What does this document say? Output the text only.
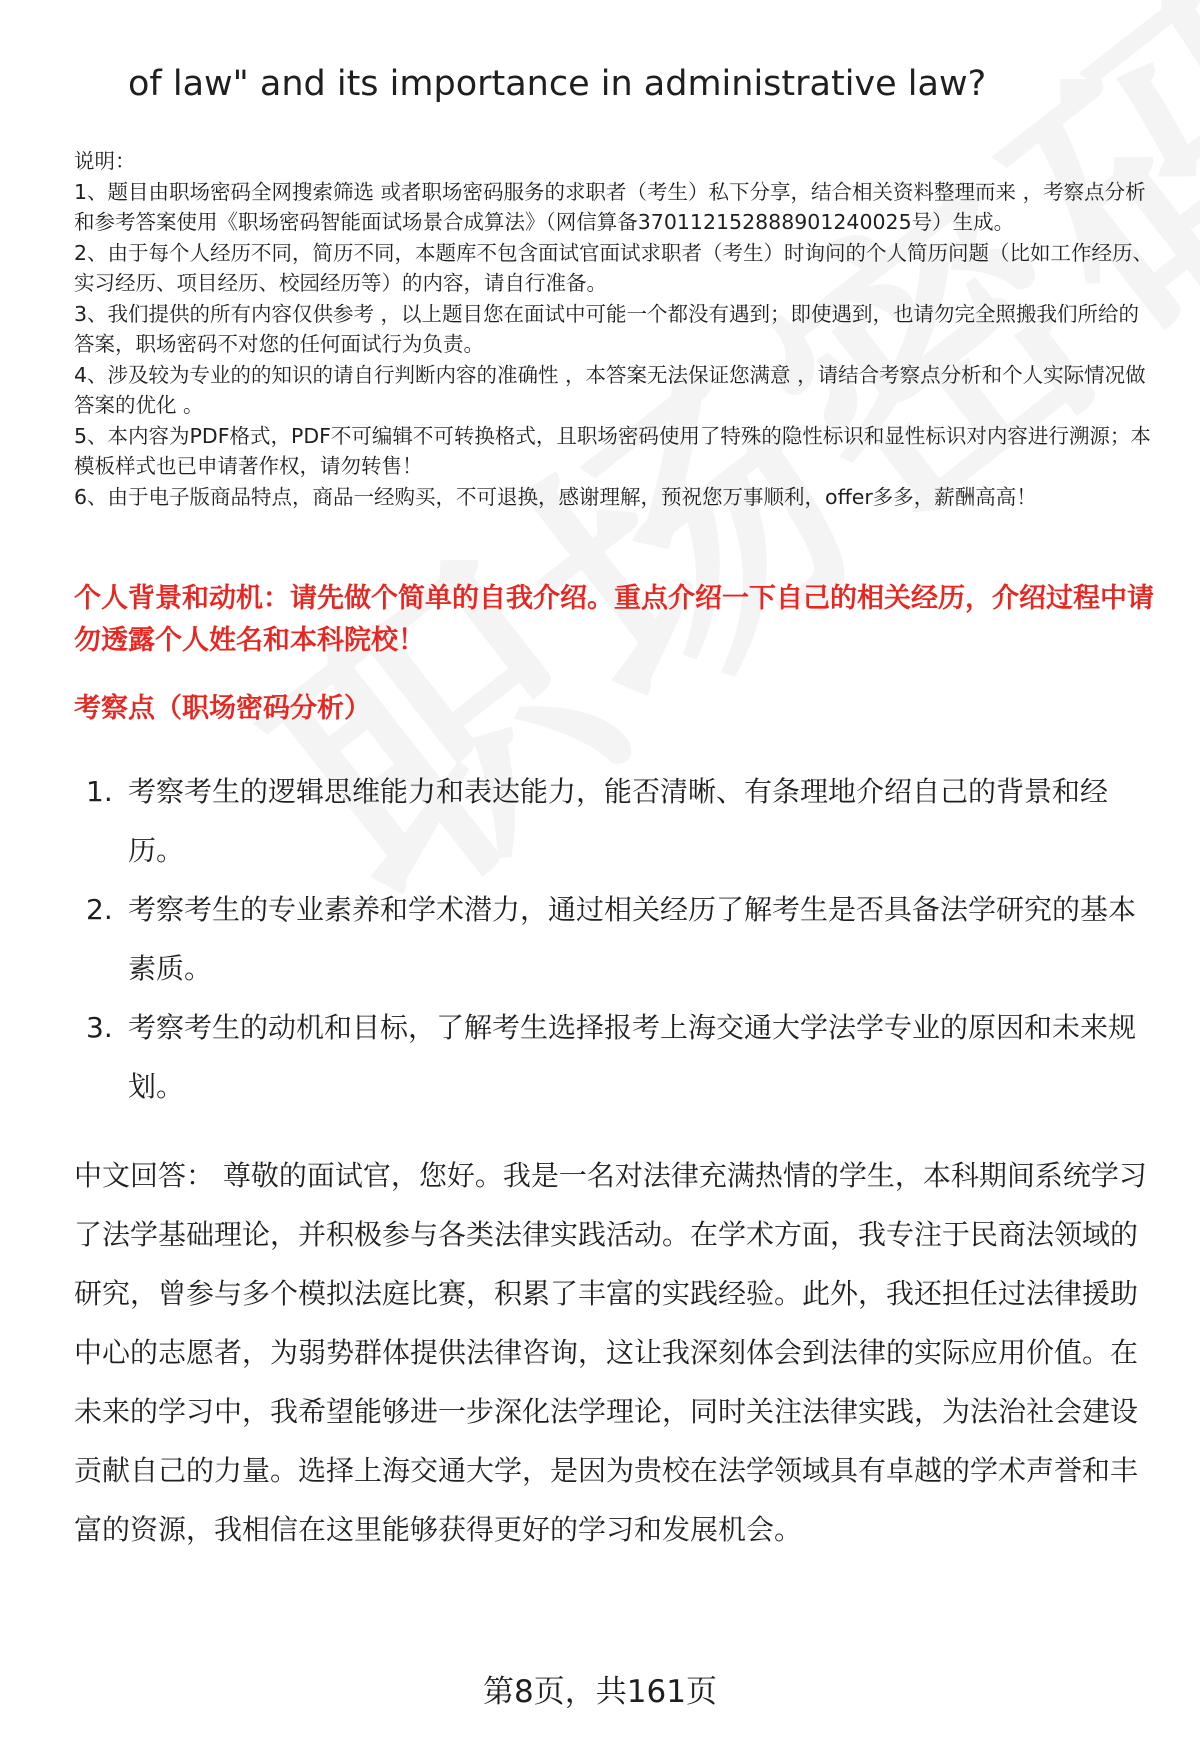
of law" and its importance in administrative law?

说明：

1、题目由职场密码全网搜索筛选 或者职场密码服务的求职者（考生）私下分享，结合相关资料整理而来 ，考察点分析和参考答案使用《职场密码智能面试场景合成算法》（网信算备370112152888901240025号）生成。

2、由于每个人经历不同，简历不同，本题库不包含面试官面试求职者（考生）时询问的个人简历问题（比如工作经历、实习经历、项目经历、校园经历等）的内容，请自行准备。

3、我们提供的所有内容仅供参考 ，以上题目您在面试中可能一个都没有遇到；即使遇到，也请勿完全照搬我们所给的答案，职场密码不对您的任何面试行为负责。

4、涉及较为专业的的知识的请自行判断内容的准确性 ，本答案无法保证您满意 ，请结合考察点分析和个人实际情况做答案的优化 。

5、本内容为PDF格式，PDF不可编辑不可转换格式，且职场密码使用了特殊的隐性标识和显性标识对内容进行溯源；本模板样式也已申请著作权，请勿转售！

6、由于电子版商品特点，商品一经购买，不可退换，感谢理解，预祝您万事顺利，offer多多，薪酬高高！

个人背景和动机：请先做个简单的自我介绍。重点介绍一下自己的相关经历，介绍过程中请勿透露个人姓名和本科院校！
考察点（职场密码分析）
1. 考察考生的逻辑思维能力和表达能力，能否清晰、有条理地介绍自己的背景和经历。
2. 考察考生的专业素养和学术潜力，通过相关经历了解考生是否具备法学研究的基本素质。
3. 考察考生的动机和目标，了解考生选择报考上海交通大学法学专业的原因和未来规划。

中文回答： 尊敬的面试官，您好。我是一名对法律充满热情的学生，本科期间系统学习了法学基础理论，并积极参与各类法律实践活动。在学术方面，我专注于民商法领域的研究，曾参与多个模拟法庭比赛，积累了丰富的实践经验。此外，我还担任过法律援助中心的志愿者，为弱势群体提供法律咨询，这让我深刻体会到法律的实际应用价值。在未来的学习中，我希望能够进一步深化法学理论，同时关注法律实践，为法治社会建设贡献自己的力量。选择上海交通大学，是因为贵校在法学领域具有卓越的学术声誉和丰富的资源，我相信在这里能够获得更好的学习和发展机会。

第8页，共161页
